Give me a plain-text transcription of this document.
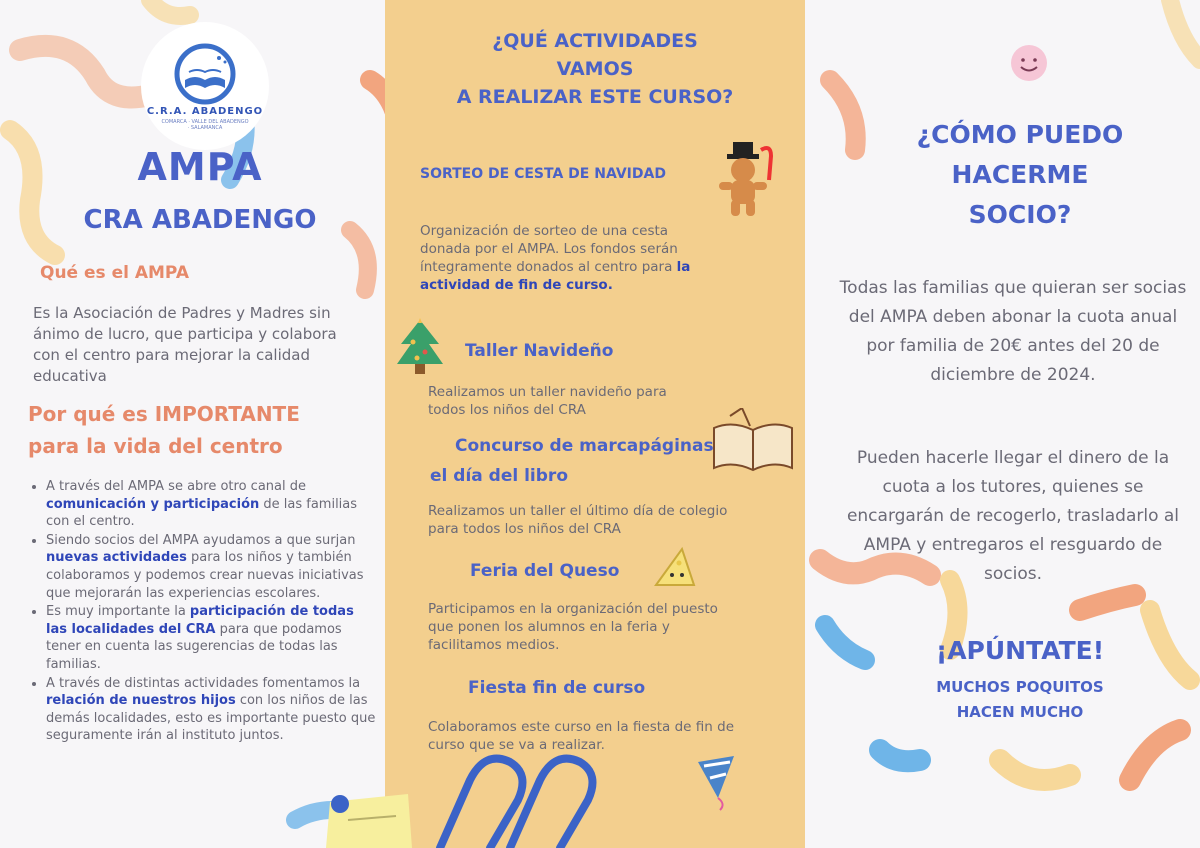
C.R.A. ABADENGO
COMARCA · VALLE DEL ABADENGO · SALAMANCA
AMPA
CRA ABADENGO
Qué es el AMPA

Es la Asociación de Padres y Madres sin ánimo de lucro, que participa y colabora con el centro para mejorar la calidad educativa

Por qué es IMPORTANTE
para la vida del centro
• A través del AMPA se abre otro canal de comunicación y participación de las familias con el centro.
• Siendo socios del AMPA ayudamos a que surjan nuevas actividades para los niños y también colaboramos y podemos crear nuevas iniciativas que mejorarán las experiencias escolares.
• Es muy importante la participación de todas las localidades del CRA para que podamos tener en cuenta las sugerencias de todas las familias.
• A través de distintas actividades fomentamos la relación de nuestros hijos con los niños de las demás localidades, esto es importante puesto que seguramente irán al instituto juntos.
¿QUÉ ACTIVIDADES
VAMOS
A REALIZAR ESTE CURSO?
SORTEO DE CESTA DE NAVIDAD

Organización de sorteo de una cesta donada por el AMPA. Los fondos serán íntegramente donados al centro para la actividad de fin de curso.

Taller Navideño

Realizamos un taller navideño para todos los niños del CRA

Concurso de marcapáginas
el día del libro

Realizamos un taller el último día de colegio para todos los niños del CRA

Feria del Queso

Participamos en la organización del puesto que ponen los alumnos en la feria y facilitamos medios.

Fiesta fin de curso

Colaboramos este curso en la fiesta de fin de curso que se va a realizar.

¿CÓMO PUEDO
HACERME
SOCIO?

Todas las familias que quieran ser socias del AMPA deben abonar la cuota anual por familia de 20€ antes del 20 de diciembre de 2024.

Pueden hacerle llegar el dinero de la cuota a los tutores, quienes se encargarán de recogerlo, trasladarlo al AMPA y entregaros el resguardo de socios.

¡APÚNTATE!
MUCHOS POQUITOS
HACEN MUCHO
